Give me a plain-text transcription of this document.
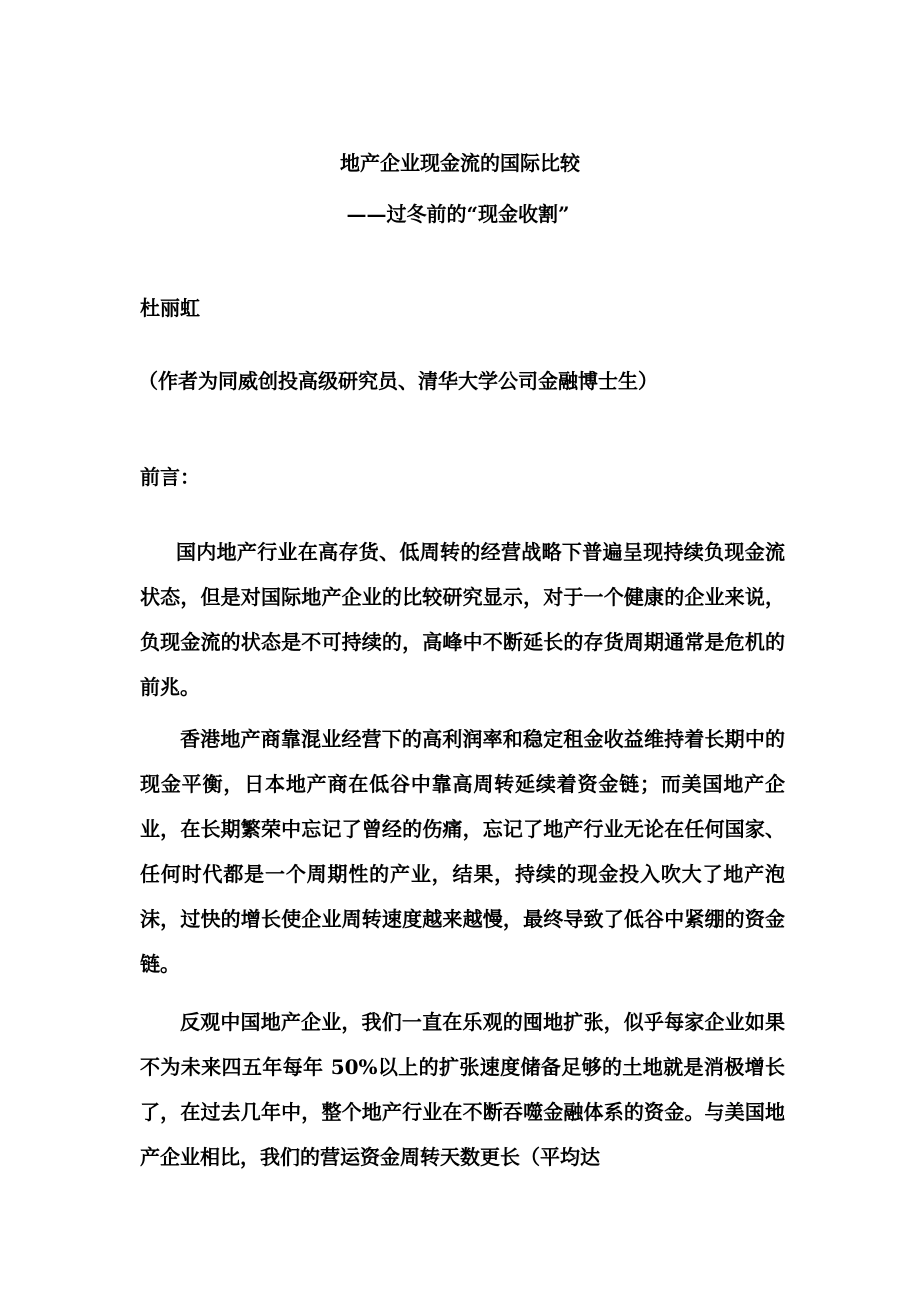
地产企业现金流的国际比较
——过冬前的“现金收割”
杜丽虹
（作者为同威创投高级研究员、清华大学公司金融博士生）
前言：

国内地产行业在高存货、低周转的经营战略下普遍呈现持续负现金流状态，但是对国际地产企业的比较研究显示，对于一个健康的企业来说，负现金流的状态是不可持续的，高峰中不断延长的存货周期通常是危机的前兆。

香港地产商靠混业经营下的高利润率和稳定租金收益维持着长期中的现金平衡，日本地产商在低谷中靠高周转延续着资金链；而美国地产企业，在长期繁荣中忘记了曾经的伤痛，忘记了地产行业无论在任何国家、任何时代都是一个周期性的产业，结果，持续的现金投入吹大了地产泡沫，过快的增长使企业周转速度越来越慢，最终导致了低谷中紧绷的资金链。

反观中国地产企业，我们一直在乐观的囤地扩张，似乎每家企业如果不为未来四五年每年 50%以上的扩张速度储备足够的土地就是消极增长了，在过去几年中，整个地产行业在不断吞噬金融体系的资金。与美国地产企业相比，我们的营运资金周转天数更长（平均达
